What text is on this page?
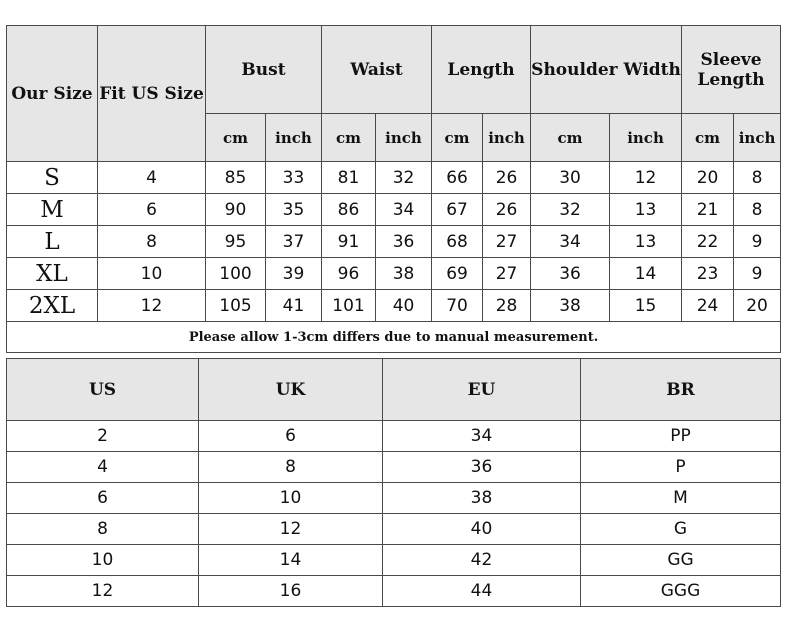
Our Size	Fit US Size	Bust		Waist		Length		Shoulder Width		Sleeve Length	
		cm	inch	cm	inch	cm	inch	cm	inch	cm	inch
S	4	85	33	81	32	66	26	30	12	20	8
M	6	90	35	86	34	67	26	32	13	21	8
L	8	95	37	91	36	68	27	34	13	22	9
XL	10	100	39	96	38	69	27	36	14	23	9
2XL	12	105	41	101	40	70	28	38	15	24	20
Please allow 1-3cm differs due to manual measurement.											
US	UK	EU	BR
2	6	34	PP
4	8	36	P
6	10	38	M
8	12	40	G
10	14	42	GG
12	16	44	GGG
